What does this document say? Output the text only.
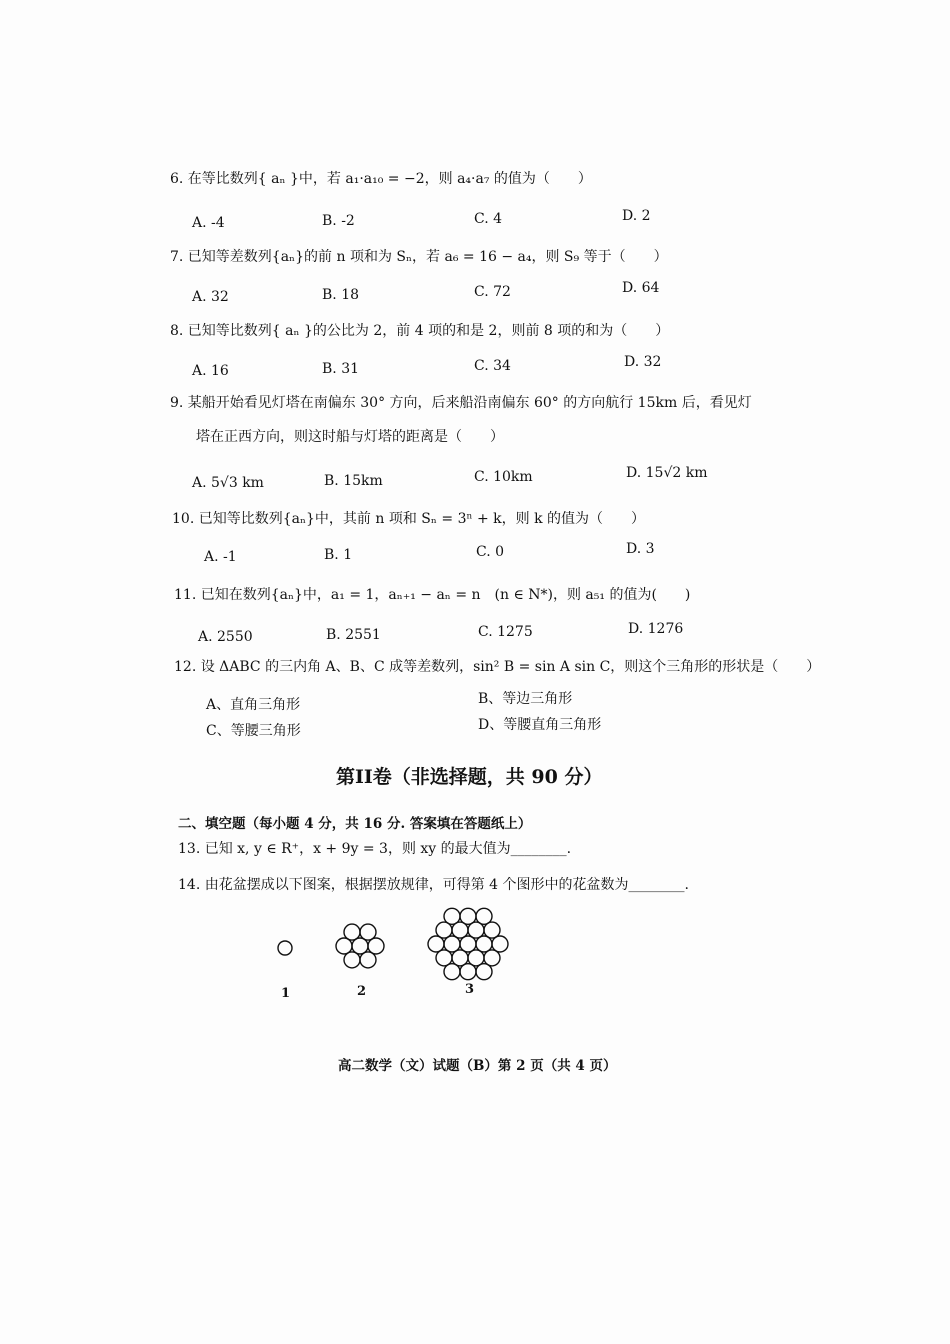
6. 在等比数列{ aₙ }中，若 a₁·a₁₀ = −2，则 a₄·a₇ 的值为（　　）
A. -4	B. -2	C. 4	D. 2
7. 已知等差数列{aₙ}的前 n 项和为 Sₙ，若 a₆ = 16 − a₄，则 S₉ 等于（　　）
A. 32	B. 18	C. 72	D. 64
8. 已知等比数列{ aₙ }的公比为 2，前 4 项的和是 2，则前 8 项的和为（　　）
A. 16	B. 31	C. 34	D. 32
9. 某船开始看见灯塔在南偏东 30° 方向，后来船沿南偏东 60° 的方向航行 15km 后，看见灯
塔在正西方向，则这时船与灯塔的距离是（　　）
A. 5√3 km	B. 15km	C. 10km	D. 15√2 km
10. 已知等比数列{aₙ}中，其前 n 项和 Sₙ = 3ⁿ + k，则 k 的值为（　　）
A. -1	B. 1	C. 0	D. 3
11. 已知在数列{aₙ}中，a₁ = 1，aₙ₊₁ − aₙ = n　(n ∈ N*)，则 a₅₁ 的值为(　　)
A. 2550	B. 2551	C. 1275	D. 1276
12. 设 ΔABC 的三内角 A、B、C 成等差数列，sin² B = sin A sin C，则这个三角形的形状是（　　）
A、直角三角形	B、等边三角形
C、等腰三角形	D、等腰直角三角形
第II卷（非选择题，共 90 分）
二、填空题（每小题 4 分，共 16 分. 答案填在答题纸上）
13. 已知 x, y ∈ R⁺，x + 9y = 3，则 xy 的最大值为________.
14. 由花盆摆成以下图案，根据摆放规律，可得第 4 个图形中的花盆数为________.
1	2	3
高二数学（文）试题（B）第 2 页（共 4 页）
